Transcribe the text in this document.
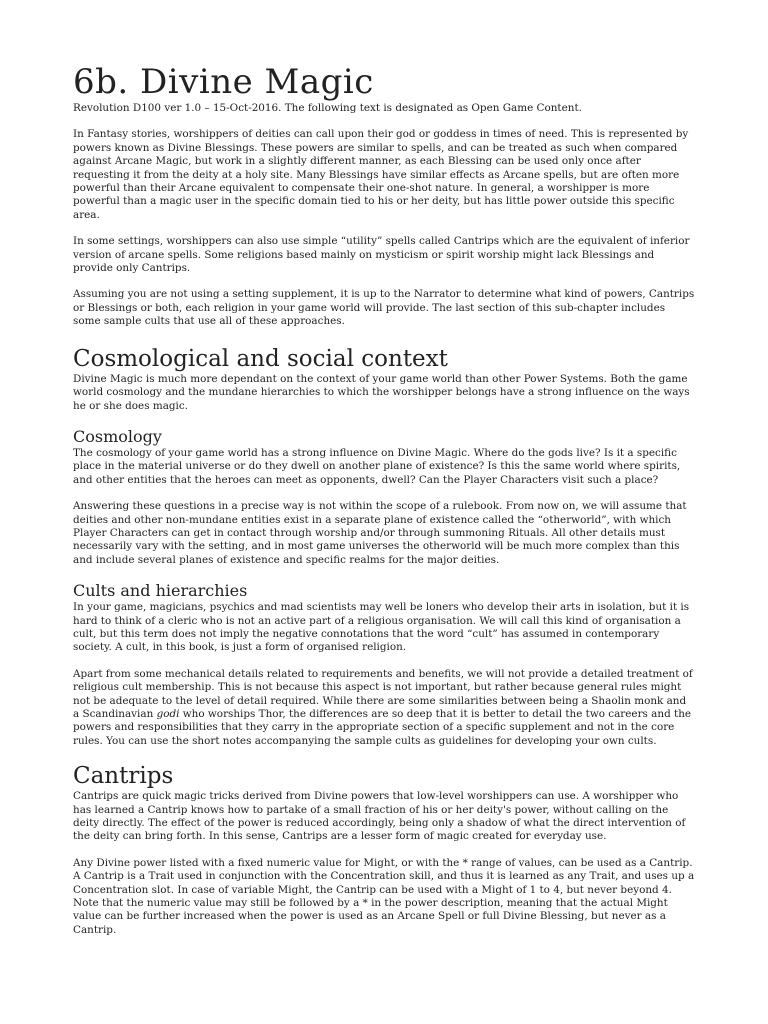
6b. Divine Magic

Revolution D100 ver 1.0 – 15-Oct-2016. The following text is designated as Open Game Content.

In Fantasy stories, worshippers of deities can call upon their god or goddess in times of need. This is represented by powers known as Divine Blessings. These powers are similar to spells, and can be treated as such when compared against Arcane Magic, but work in a slightly different manner, as each Blessing can be used only once after requesting it from the deity at a holy site. Many Blessings have similar effects as Arcane spells, but are often more powerful than their Arcane equivalent to compensate their one-shot nature. In general, a worshipper is more powerful than a magic user in the specific domain tied to his or her deity, but has little power outside this specific area.

In some settings, worshippers can also use simple “utility” spells called Cantrips which are the equivalent of inferior version of arcane spells. Some religions based mainly on mysticism or spirit worship might lack Blessings and provide only Cantrips.

Assuming you are not using a setting supplement, it is up to the Narrator to determine what kind of powers, Cantrips or Blessings or both, each religion in your game world will provide. The last section of this sub-chapter includes some sample cults that use all of these approaches.

Cosmological and social context

Divine Magic is much more dependant on the context of your game world than other Power Systems. Both the game world cosmology and the mundane hierarchies to which the worshipper belongs have a strong influence on the ways he or she does magic.

Cosmology

The cosmology of your game world has a strong influence on Divine Magic. Where do the gods live? Is it a specific place in the material universe or do they dwell on another plane of existence? Is this the same world where spirits, and other entities that the heroes can meet as opponents, dwell? Can the Player Characters visit such a place?

Answering these questions in a precise way is not within the scope of a rulebook. From now on, we will assume that deities and other non-mundane entities exist in a separate plane of existence called the “otherworld”, with which Player Characters can get in contact through worship and/or through summoning Rituals. All other details must necessarily vary with the setting, and in most game universes the otherworld will be much more complex than this and include several planes of existence and specific realms for the major deities.

Cults and hierarchies

In your game, magicians, psychics and mad scientists may well be loners who develop their arts in isolation, but it is hard to think of a cleric who is not an active part of a religious organisation. We will call this kind of organisation a cult, but this term does not imply the negative connotations that the word “cult” has assumed in contemporary society. A cult, in this book, is just a form of organised religion.

Apart from some mechanical details related to requirements and benefits, we will not provide a detailed treatment of religious cult membership. This is not because this aspect is not important, but rather because general rules might not be adequate to the level of detail required. While there are some similarities between being a Shaolin monk and a Scandinavian godi who worships Thor, the differences are so deep that it is better to detail the two careers and the powers and responsibilities that they carry in the appropriate section of a specific supplement and not in the core rules. You can use the short notes accompanying the sample cults as guidelines for developing your own cults.

Cantrips

Cantrips are quick magic tricks derived from Divine powers that low-level worshippers can use. A worshipper who has learned a Cantrip knows how to partake of a small fraction of his or her deity's power, without calling on the deity directly. The effect of the power is reduced accordingly, being only a shadow of what the direct intervention of the deity can bring forth. In this sense, Cantrips are a lesser form of magic created for everyday use.

Any Divine power listed with a fixed numeric value for Might, or with the * range of values, can be used as a Cantrip. A Cantrip is a Trait used in conjunction with the Concentration skill, and thus it is learned as any Trait, and uses up a Concentration slot. In case of variable Might, the Cantrip can be used with a Might of 1 to 4, but never beyond 4. Note that the numeric value may still be followed by a * in the power description, meaning that the actual Might value can be further increased when the power is used as an Arcane Spell or full Divine Blessing, but never as a Cantrip.
